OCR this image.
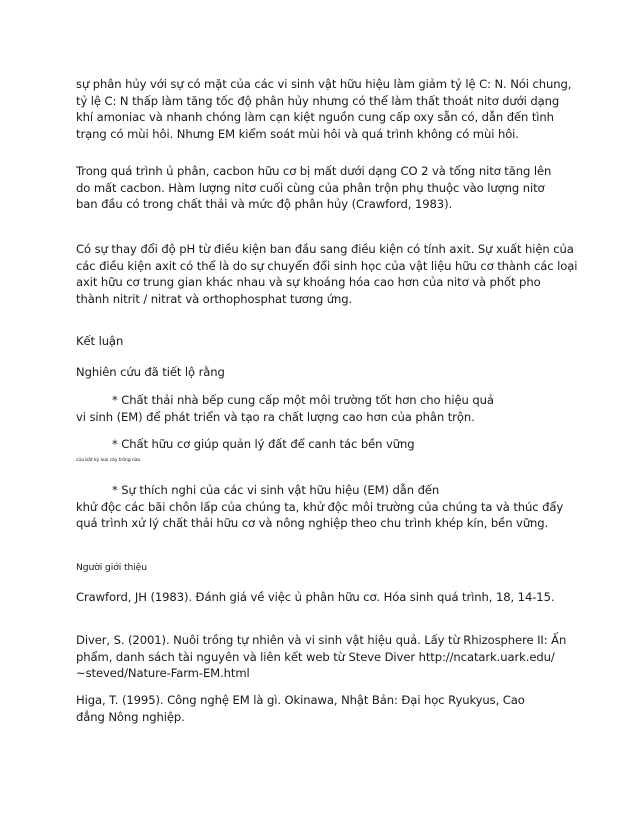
sự phân hủy với sự có mặt của các vi sinh vật hữu hiệu làm giảm tỷ lệ C: N. Nói chung,
tỷ lệ C: N thấp làm tăng tốc độ phân hủy nhưng có thể làm thất thoát nitơ dưới dạng
khí amoniac và nhanh chóng làm cạn kiệt nguồn cung cấp oxy sẵn có, dẫn đến tình
trạng có mùi hôi. Nhưng EM kiểm soát mùi hôi và quá trình không có mùi hôi.
Trong quá trình ủ phân, cacbon hữu cơ bị mất dưới dạng CO 2 và tổng nitơ tăng lên
do mất cacbon. Hàm lượng nitơ cuối cùng của phân trộn phụ thuộc vào lượng nitơ
ban đầu có trong chất thải và mức độ phân hủy (Crawford, 1983).
Có sự thay đổi độ pH từ điều kiện ban đầu sang điều kiện có tính axit. Sự xuất hiện của
các điều kiện axit có thể là do sự chuyển đổi sinh học của vật liệu hữu cơ thành các loại
axit hữu cơ trung gian khác nhau và sự khoáng hóa cao hơn của nitơ và phốt pho
thành nitrit / nitrat và orthophosphat tương ứng.
Kết luận
Nghiên cứu đã tiết lộ rằng
* Chất thải nhà bếp cung cấp một môi trường tốt hơn cho hiệu quả
vi sinh (EM) để phát triển và tạo ra chất lượng cao hơn của phân trộn.
* Chất hữu cơ giúp quản lý đất để canh tác bền vững
của bất kỳ loại cây trồng nào.
* Sự thích nghi của các vi sinh vật hữu hiệu (EM) dẫn đến
khử độc các bãi chôn lấp của chúng ta, khử độc môi trường của chúng ta và thúc đẩy
quá trình xử lý chất thải hữu cơ và nông nghiệp theo chu trình khép kín, bền vững.
Người giới thiệu
Crawford, JH (1983). Đánh giá về việc ủ phân hữu cơ. Hóa sinh quá trình, 18, 14-15.
Diver, S. (2001). Nuôi trồng tự nhiên và vi sinh vật hiệu quả. Lấy từ Rhizosphere II: Ấn
phẩm, danh sách tài nguyên và liên kết web từ Steve Diver http://ncatark.uark.edu/
~steved/Nature-Farm-EM.html
Higa, T. (1995). Công nghệ EM là gì. Okinawa, Nhật Bản: Đại học Ryukyus, Cao
đẳng Nông nghiệp.
